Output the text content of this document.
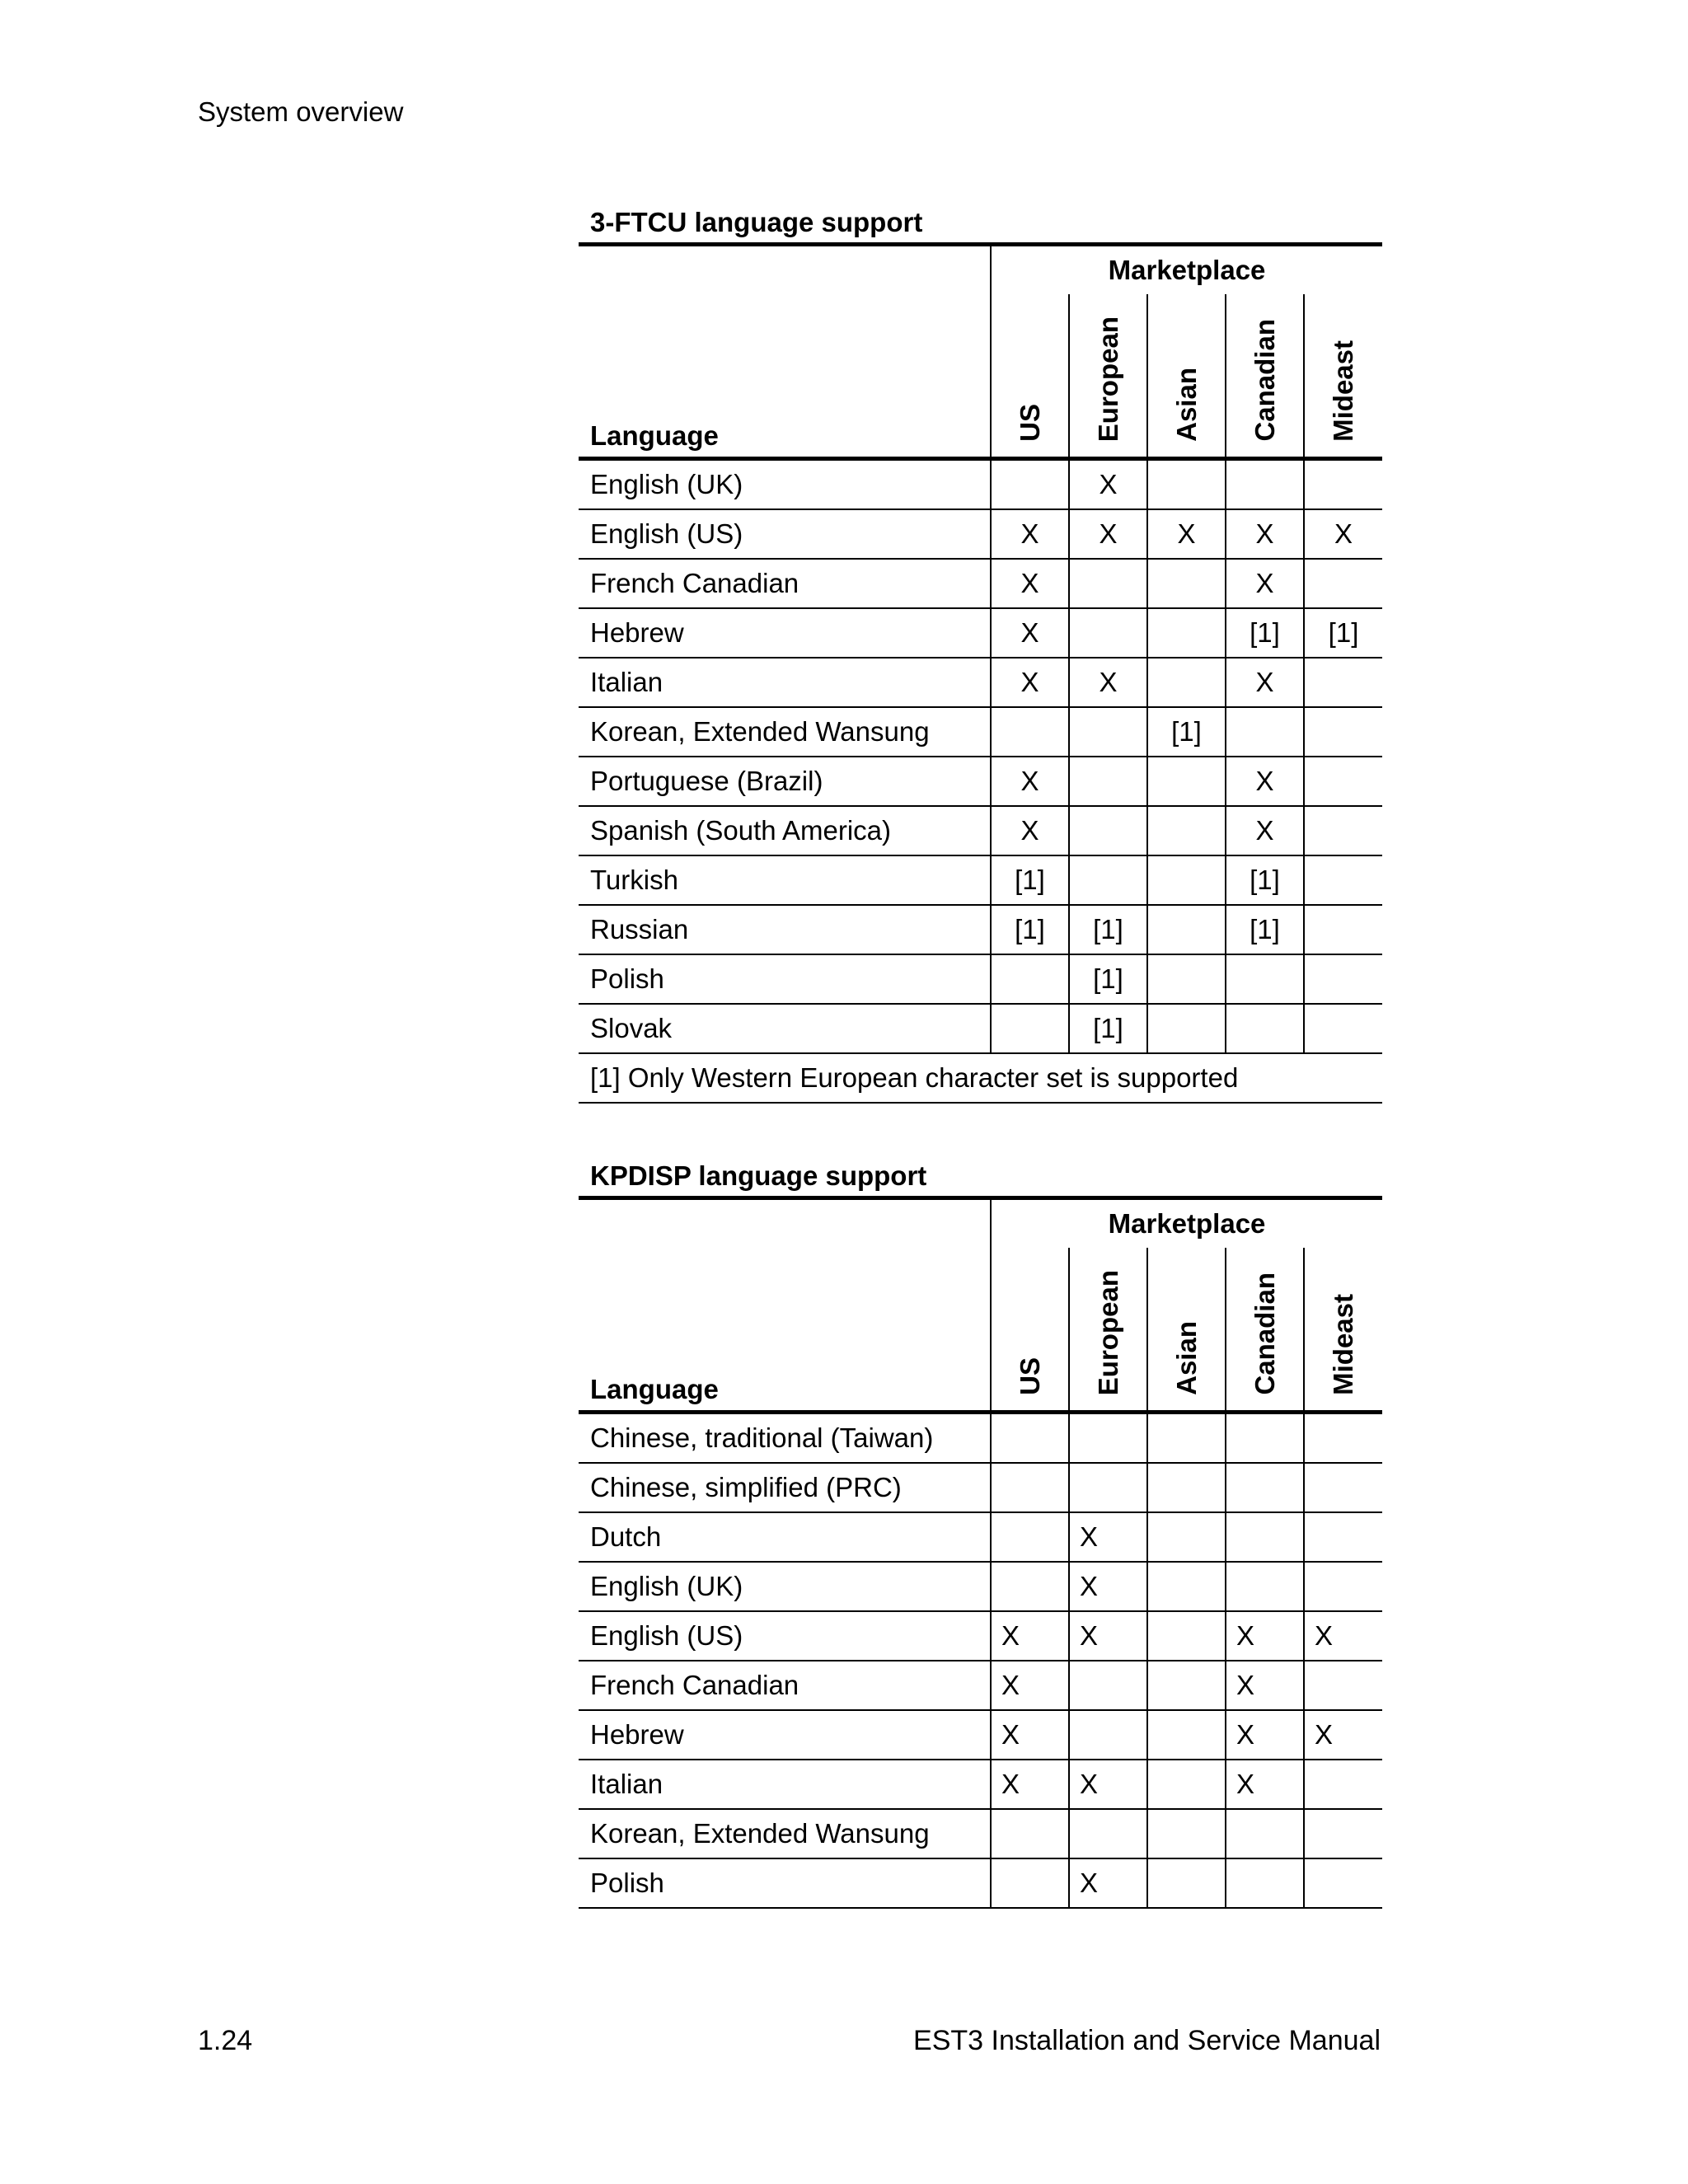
System overview
3-FTCU language support
Language	Marketplace				

	US	European	Asian	Canadian	Mideast

English (UK)		X			
English (US)	X	X	X	X	X
French Canadian	X			X	
Hebrew	X			[1]	[1]
Italian	X	X		X	
Korean, Extended Wansung			[1]		
Portuguese (Brazil)	X			X	
Spanish (South America)	X			X	
Turkish	[1]			[1]	
Russian	[1]	[1]		[1]	
Polish		[1]			
Slovak		[1]			
[1] Only Western European character set is supported					
KPDISP language support
Language	Marketplace				

	US	European	Asian	Canadian	Mideast

Chinese, traditional (Taiwan)					
Chinese, simplified (PRC)					
Dutch		X			
English (UK)		X			
English (US)	X	X		X	X
French Canadian	X			X	
Hebrew	X			X	X
Italian	X	X		X	
Korean, Extended Wansung					
Polish		X			
1.24	EST3 Installation and Service Manual
